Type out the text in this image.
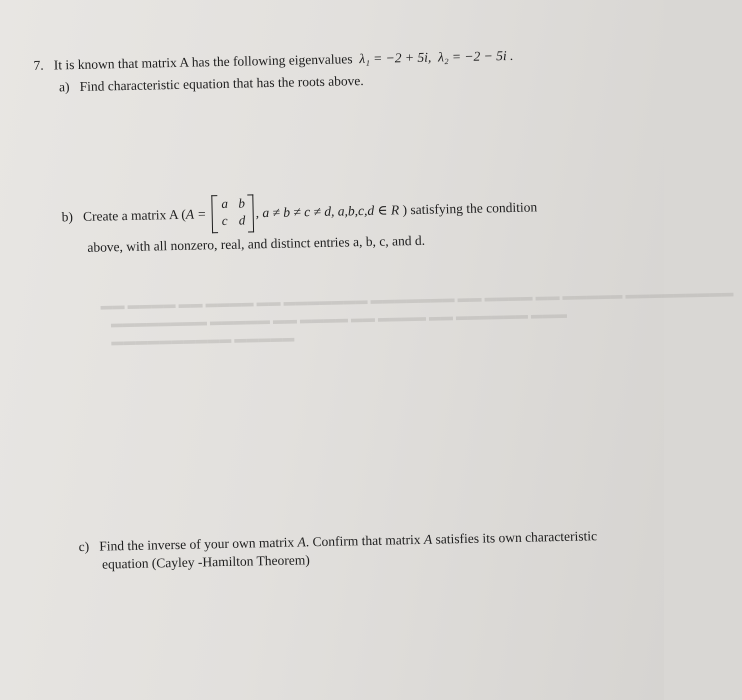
7. It is known that matrix A has the following eigenvalues λ₁ = −2 + 5i, λ₂ = −2 − 5i .
a) Find characteristic equation that has the roots above.
b) Create a matrix A (A =	, a ≠ b ≠ c ≠ d, a,b,c,d ∈ R ) satisfying the condition
a b
c d
above, with all nonzero, real, and distinct entries a, b, c, and d.
▬▬ ▬▬▬▬ ▬▬ ▬▬▬▬ ▬▬ ▬▬▬▬▬▬▬ ▬▬▬▬▬▬▬ ▬▬ ▬▬▬▬ ▬▬ ▬▬▬▬▬ ▬▬▬▬▬▬▬▬▬
▬▬▬▬▬▬▬▬ ▬▬▬▬▬ ▬▬ ▬▬▬▬ ▬▬ ▬▬▬▬ ▬▬ ▬▬▬▬▬▬ ▬▬▬
▬▬▬▬▬▬▬▬▬▬ ▬▬▬▬▬
c) Find the inverse of your own matrix A. Confirm that matrix A satisfies its own characteristic
equation (Cayley -Hamilton Theorem)
